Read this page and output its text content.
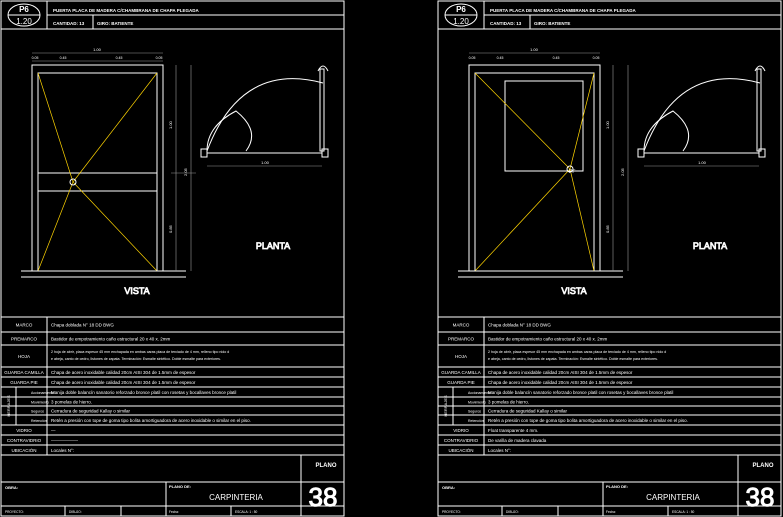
P6
1.20
PUERTA PLACA DE MADERA C/CHAMBRANA DE CHAPA PLEGADA
CANTIDAD: 13	GIRO: BATIENTE
1.00
0.05	0.45	0.45	0.05
2.05
1.00
0.85
1.00
VISTA
PLANTA
MARCO	Chapa doblada N° 18 DD BWG
PREMARCO	Bastidor de empotramiento caño estructural 20 x 40 x. 2mm
HOJA
2 hoja de abrir, placa espesor 45 mm enchapada en ambas caras placa de terciado de 4 mm, relleno tipo nido d
e abeja, canto de cedro, listones de zapata. Terminación: Esmalte sintético. Doble esmalte para exteriores.
GUARDA CAMILLA Chapa de acero inoxidable calidad 20cm AISI 304 de 1.5mm de espesor
GUARDA PIE	Chapa de acero inoxidable calidad 20cm AISI 304 de 1.5mm de espesor
Accionamiento
Manija doble balancín sanatorio reforzado bronce platil con rosetas y bocallaves bronce platil
Movimiento 3 pomelas de hierro.
Seguros Cerradura de seguridad Kallay o similar
Retención Retén a presión con tope de goma tipo bolita amortiguadora de acero inoxidable o similar en el piso.
VIDRIO	—
CONTRAVIDRIO ——————
UBICACIÓN	Locales N°:
HERRAJES
PLANO
OBRA:	PLANO DE:
CARPINTERIA 38
PROYECTO:	DIBUJO:	Fecha:	ESCALA: 1 : 50
P6
1.20
PUERTA PLACA DE MADERA C/CHAMBRANA DE CHAPA PLEGADA
CANTIDAD: 13	GIRO: BATIENTE
1.00
0.05	0.45	0.45	0.05
2.05
1.00
0.85
1.00
PF
VISTA
PLANTA
MARCO	Chapa doblada N° 18 DD BWG
PREMARCO	Bastidor de empotramiento caño estructural 20 x 40 x. 2mm
HOJA
2 hoja de abrir, placa espesor 45 mm enchapada en ambas caras placa de terciado de 4 mm, relleno tipo nido d
e abeja, canto de cedro, listones de zapata. Terminación: Esmalte sintético. Doble esmalte para exteriores.
GUARDA CAMILLA Chapa de acero inoxidable calidad 20cm AISI 304 de 1.5mm de espesor
GUARDA PIE	Chapa de acero inoxidable calidad 20cm AISI 304 de 1.5mm de espesor
Accionamiento
Manija doble balancín sanatorio reforzado bronce platil con rosetas y bocallaves bronce platil
Movimiento 3 pomelas de hierro.
Seguros Cerradura de seguridad Kallay o similar
Retención Retén a presión con tope de goma tipo bolita amortiguadora de acero inoxidable o similar en el piso.
VIDRIO	Float transparente 4 mm.
CONTRAVIDRIO De varilla de madera clavada
UBICACIÓN	Locales N°:
HERRAJES
PLANO
OBRA:	PLANO DE:
CARPINTERIA 38
PROYECTO:	DIBUJO:	Fecha:	ESCALA: 1 : 50
